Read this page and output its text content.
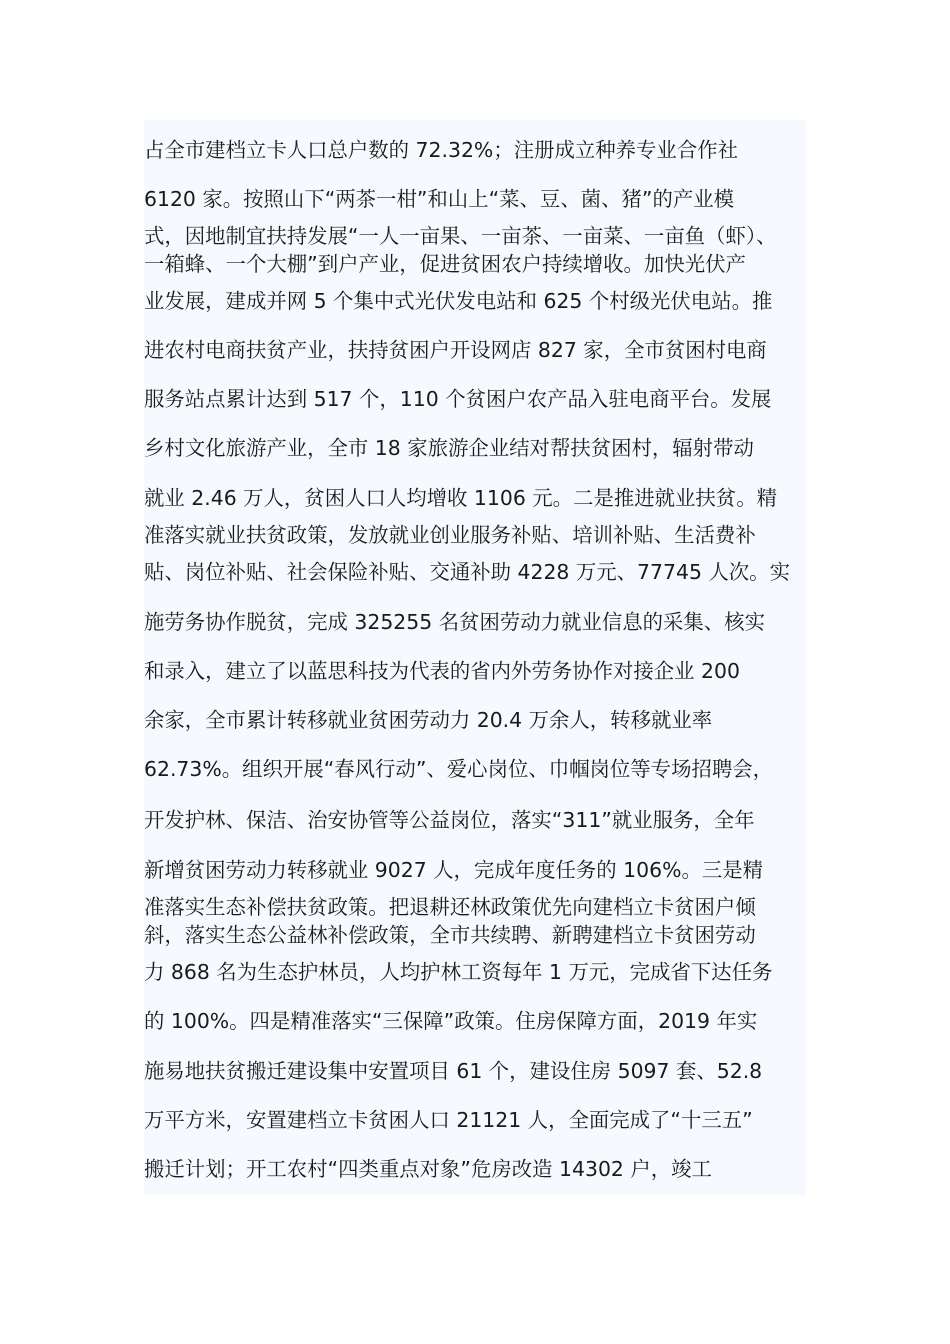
占全市建档立卡人口总户数的 72.32%；注册成立种养专业合作社
6120 家。按照山下“两茶一柑”和山上“菜、豆、菌、猪”的产业模
式，因地制宜扶持发展“一人一亩果、一亩茶、一亩菜、一亩鱼（虾）、
一箱蜂、一个大棚”到户产业，促进贫困农户持续增收。加快光伏产
业发展，建成并网 5 个集中式光伏发电站和 625 个村级光伏电站。推
进农村电商扶贫产业，扶持贫困户开设网店 827 家，全市贫困村电商
服务站点累计达到 517 个，110 个贫困户农产品入驻电商平台。发展
乡村文化旅游产业，全市 18 家旅游企业结对帮扶贫困村，辐射带动
就业 2.46 万人，贫困人口人均增收 1106 元。二是推进就业扶贫。精
准落实就业扶贫政策，发放就业创业服务补贴、培训补贴、生活费补
贴、岗位补贴、社会保险补贴、交通补助 4228 万元、77745 人次。实
施劳务协作脱贫，完成 325255 名贫困劳动力就业信息的采集、核实
和录入，建立了以蓝思科技为代表的省内外劳务协作对接企业 200
余家，全市累计转移就业贫困劳动力 20.4 万余人，转移就业率
62.73%。组织开展“春风行动”、爱心岗位、巾帼岗位等专场招聘会，
开发护林、保洁、治安协管等公益岗位，落实“311”就业服务，全年
新增贫困劳动力转移就业 9027 人，完成年度任务的 106%。三是精
准落实生态补偿扶贫政策。把退耕还林政策优先向建档立卡贫困户倾
斜，落实生态公益林补偿政策，全市共续聘、新聘建档立卡贫困劳动
力 868 名为生态护林员，人均护林工资每年 1 万元，完成省下达任务
的 100%。四是精准落实“三保障”政策。住房保障方面，2019 年实
施易地扶贫搬迁建设集中安置项目 61 个，建设住房 5097 套、52.8
万平方米，安置建档立卡贫困人口 21121 人，全面完成了“十三五”
搬迁计划；开工农村“四类重点对象”危房改造 14302 户，竣工
